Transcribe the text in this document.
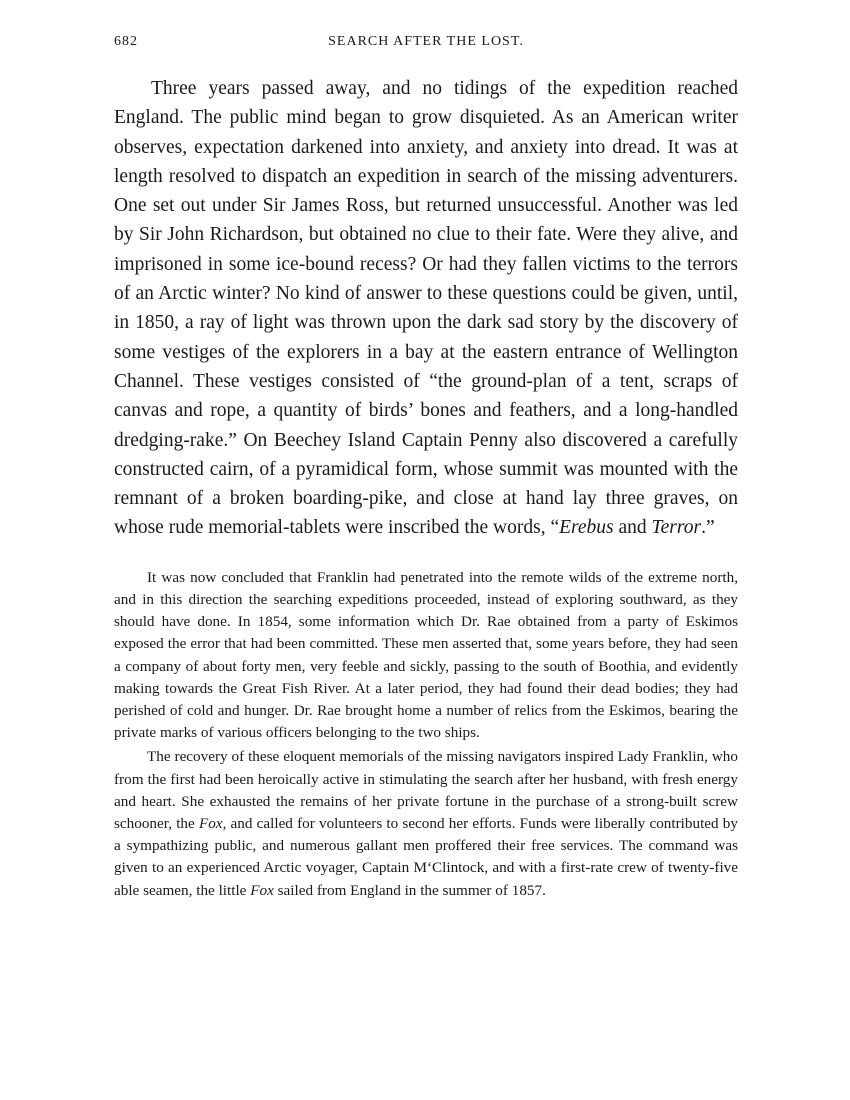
682	SEARCH AFTER THE LOST.

Three years passed away, and no tidings of the expedition reached England. The public mind began to grow disquieted. As an American writer observes, expectation darkened into anxiety, and anxiety into dread. It was at length resolved to dispatch an expedition in search of the missing adventurers. One set out under Sir James Ross, but returned unsuccessful. Another was led by Sir John Richardson, but obtained no clue to their fate. Were they alive, and imprisoned in some ice-bound recess? Or had they fallen victims to the terrors of an Arctic winter? No kind of answer to these questions could be given, until, in 1850, a ray of light was thrown upon the dark sad story by the discovery of some vestiges of the explorers in a bay at the eastern entrance of Wellington Channel. These vestiges consisted of “the ground-plan of a tent, scraps of canvas and rope, a quantity of birds’ bones and feathers, and a long-handled dredging-rake.” On Beechey Island Captain Penny also discovered a carefully constructed cairn, of a pyramidical form, whose summit was mounted with the remnant of a broken boarding-pike, and close at hand lay three graves, on whose rude memorial-tablets were inscribed the words, “Erebus and Terror.”

It was now concluded that Franklin had penetrated into the remote wilds of the extreme north, and in this direction the searching expeditions proceeded, instead of exploring southward, as they should have done. In 1854, some information which Dr. Rae obtained from a party of Eskimos exposed the error that had been committed. These men asserted that, some years before, they had seen a company of about forty men, very feeble and sickly, passing to the south of Boothia, and evidently making towards the Great Fish River. At a later period, they had found their dead bodies; they had perished of cold and hunger. Dr. Rae brought home a number of relics from the Eskimos, bearing the private marks of various officers belonging to the two ships.

The recovery of these eloquent memorials of the missing navigators inspired Lady Franklin, who from the first had been heroically active in stimulating the search after her husband, with fresh energy and heart. She exhausted the remains of her private fortune in the purchase of a strong-built screw schooner, the Fox, and called for volunteers to second her efforts. Funds were liberally contributed by a sympathizing public, and numerous gallant men proffered their free services. The command was given to an experienced Arctic voyager, Captain M‘Clintock, and with a first-rate crew of twenty-five able seamen, the little Fox sailed from England in the summer of 1857.
